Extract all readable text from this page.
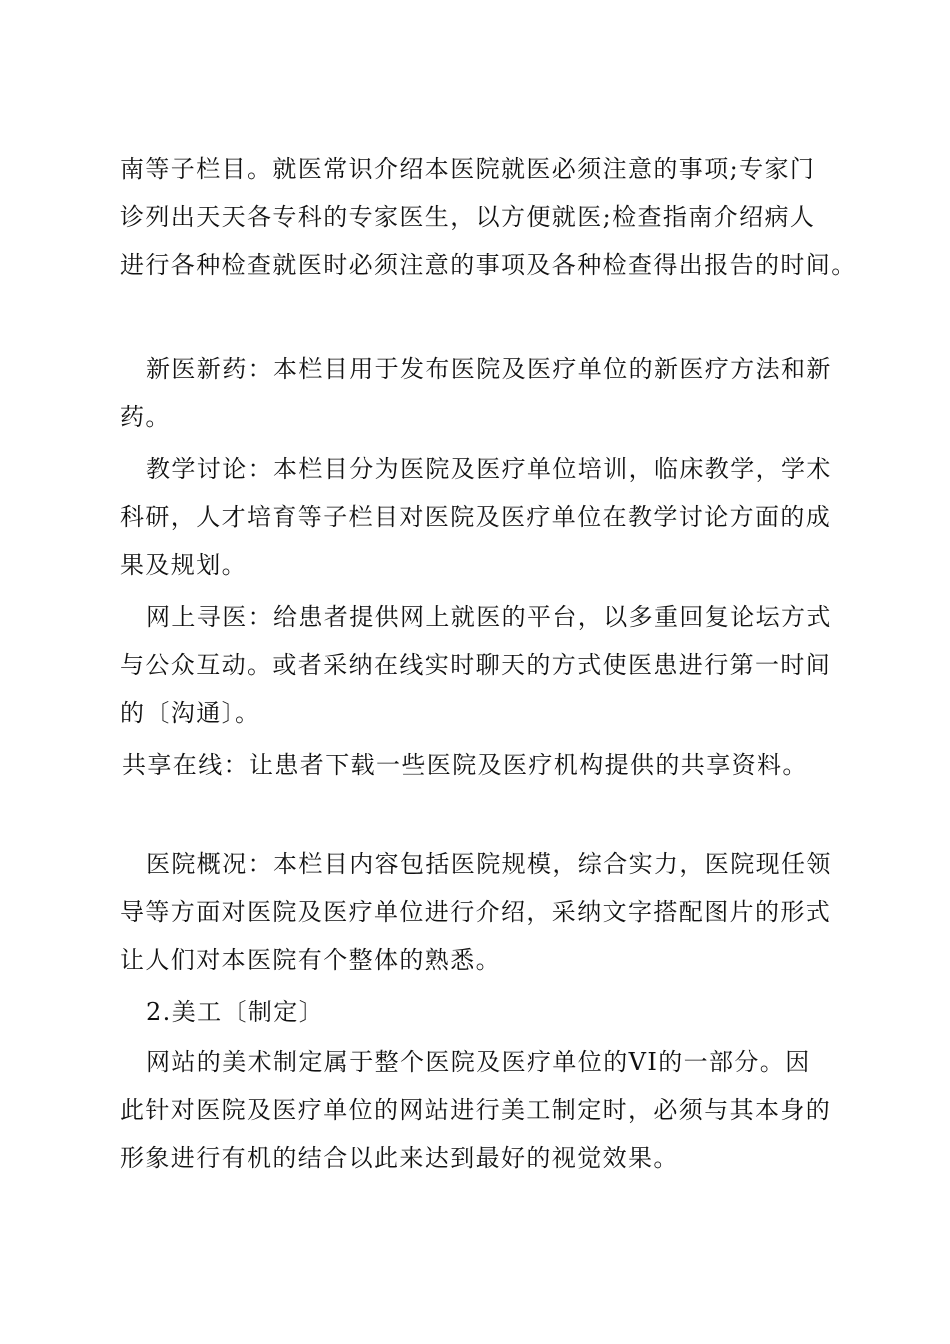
南等子栏目。就医常识介绍本医院就医必须注意的事项;专家门
诊列出天天各专科的专家医生，以方便就医;检查指南介绍病人
进行各种检查就医时必须注意的事项及各种检查得出报告的时间。

新医新药：本栏目用于发布医院及医疗单位的新医疗方法和新
药。

教学讨论：本栏目分为医院及医疗单位培训，临床教学，学术
科研，人才培育等子栏目对医院及医疗单位在教学讨论方面的成
果及规划。

网上寻医：给患者提供网上就医的平台，以多重回复论坛方式
与公众互动。或者采纳在线实时聊天的方式使医患进行第一时间
的〔沟通〕。

共享在线：让患者下载一些医院及医疗机构提供的共享资料。

医院概况：本栏目内容包括医院规模，综合实力，医院现任领
导等方面对医院及医疗单位进行介绍，采纳文字搭配图片的形式
让人们对本医院有个整体的熟悉。

2.美工〔制定〕

网站的美术制定属于整个医院及医疗单位的VI的一部分。因
此针对医院及医疗单位的网站进行美工制定时，必须与其本身的
形象进行有机的结合以此来达到最好的视觉效果。
